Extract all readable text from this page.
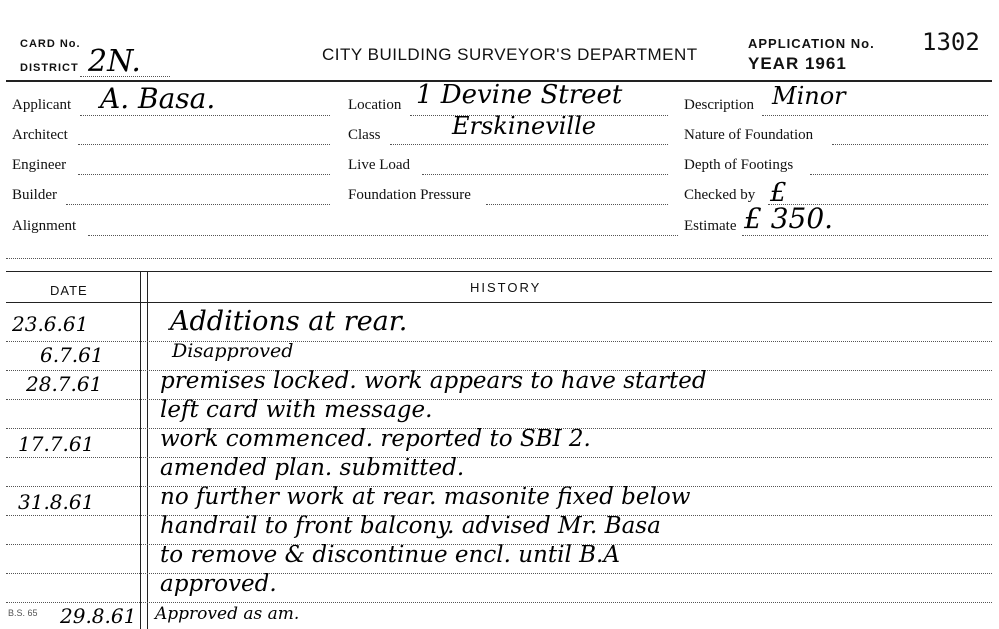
CARD No.
DISTRICT 2N.	CITY BUILDING SURVEYOR'S DEPARTMENT
APPLICATION No. 1302
YEAR 1961
Applicant A. Basa.
Architect
Engineer
Builder
Alignment
Location 1 Devine Street
Class	Erskineville
Live Load
Foundation Pressure
Description Minor
Nature of Foundation
Depth of Footings
Checked by £
Estimate £ 350.
DATE	HISTORY
23.6.61	Additions at rear.
6.7.61	Disapproved
28.7.61	premises locked. work appears to have started
left card with message.
17.7.61	work commenced. reported to SBI 2.
amended plan. submitted.
31.8.61	no further work at rear. masonite fixed below
handrail to front balcony. advised Mr. Basa
to remove & discontinue encl. until B.A
approved.
29.8.61 Approved as am.
B.S. 65
